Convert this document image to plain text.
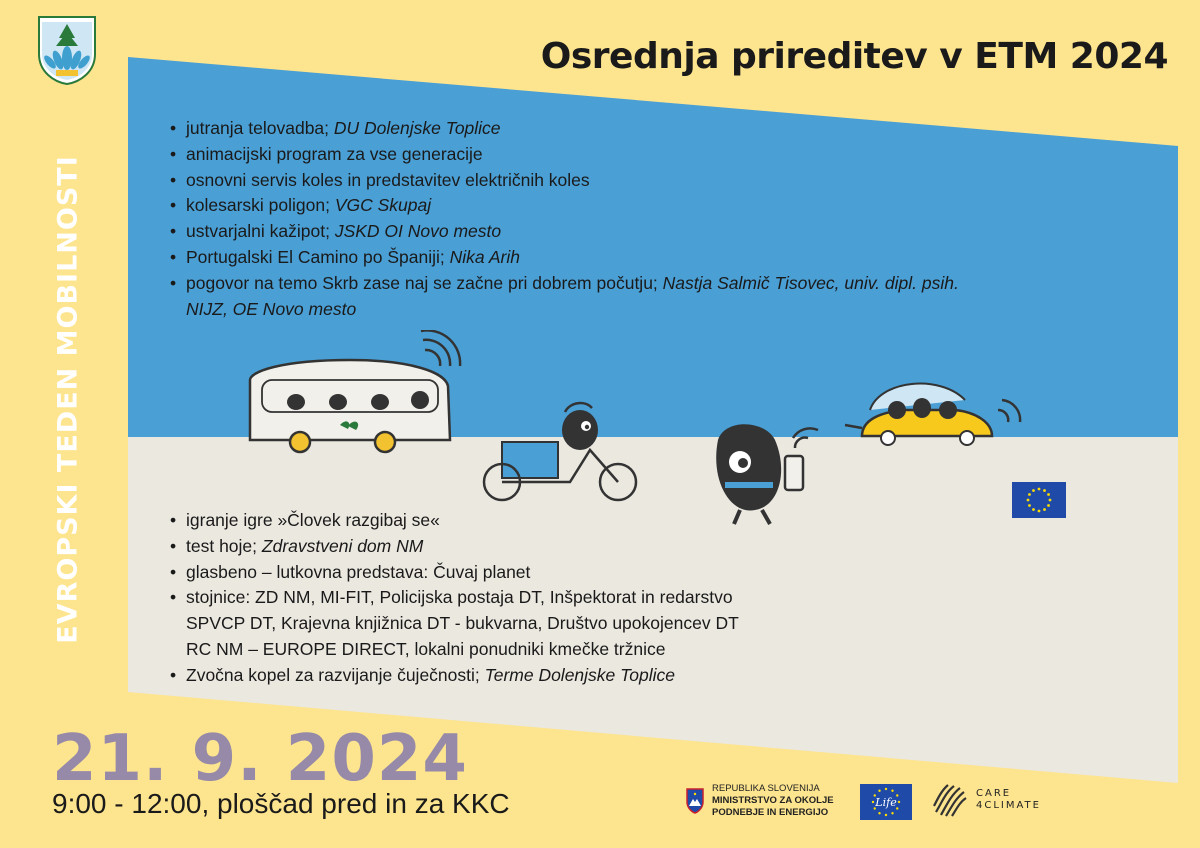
Osrednja prireditev v ETM 2024
EVROPSKI TEDEN MOBILNOSTI
• jutranja telovadba; DU Dolenjske Toplice
• animacijski program za vse generacije
• osnovni servis koles in predstavitev električnih koles
• kolesarski poligon; VGC Skupaj
• ustvarjalni kažipot; JSKD OI Novo mesto
• Portugalski El Camino po Španiji; Nika Arih
• pogovor na temo Skrb zase naj se začne pri dobrem počutju; Nastja Salmič Tisovec, univ. dipl. psih.
NIJZ, OE Novo mesto
• igranje igre »Človek razgibaj se«
• test hoje; Zdravstveni dom NM
• glasbeno – lutkovna predstava: Čuvaj planet
• stojnice: ZD NM, MI-FIT, Policijska postaja DT, Inšpektorat in redarstvo
SPVCP DT, Krajevna knjižnica DT - bukvarna, Društvo upokojencev DT
RC NM – EUROPE DIRECT, lokalni ponudniki kmečke tržnice
• Zvočna kopel za razvijanje čuječnosti; Terme Dolenjske Toplice
21. 9. 2024
9:00 - 12:00, ploščad pred in za KKC	REPUBLIKA SLOVENIJA
MINISTRSTVO ZA OKOLJE
PODNEBJE IN ENERGIJO
Life
CARE
4CLIMATE
